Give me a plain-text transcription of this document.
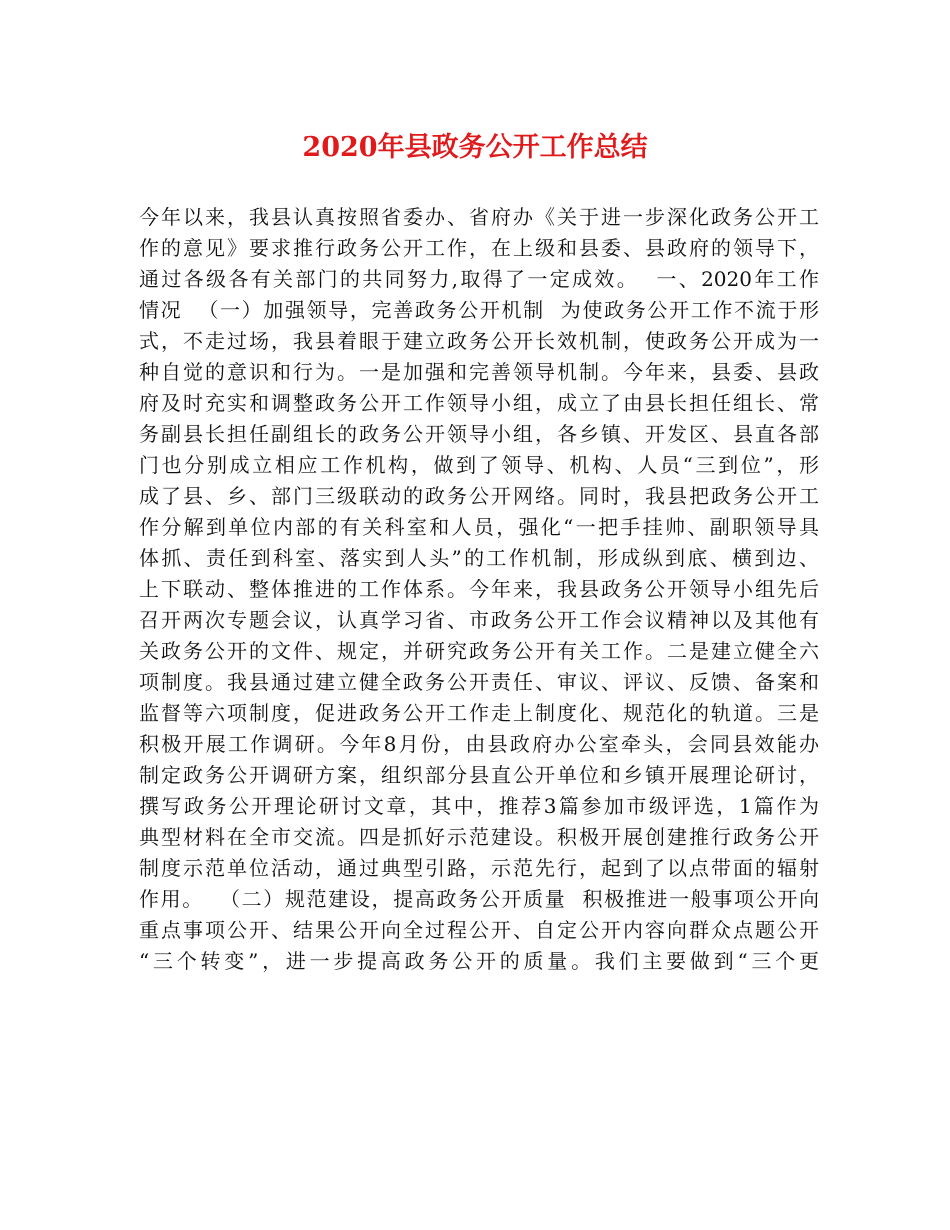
2020年县政务公开工作总结
今年以来，我县认真按照省委办、省府办《关于进一步深化政务公开工
作的意见》要求推行政务公开工作，在上级和县委、县政府的领导下，
通过各级各有关部门的共同努力,取得了一定成效。  一、2020年工作
情况  （一）加强领导，完善政务公开机制  为使政务公开工作不流于形
式，不走过场，我县着眼于建立政务公开长效机制，使政务公开成为一
种自觉的意识和行为。一是加强和完善领导机制。今年来，县委、县政
府及时充实和调整政务公开工作领导小组，成立了由县长担任组长、常
务副县长担任副组长的政务公开领导小组，各乡镇、开发区、县直各部
门也分别成立相应工作机构，做到了领导、机构、人员“三到位”，形
成了县、乡、部门三级联动的政务公开网络。同时，我县把政务公开工
作分解到单位内部的有关科室和人员，强化“一把手挂帅、副职领导具
体抓、责任到科室、落实到人头”的工作机制，形成纵到底、横到边、
上下联动、整体推进的工作体系。今年来，我县政务公开领导小组先后
召开两次专题会议，认真学习省、市政务公开工作会议精神以及其他有
关政务公开的文件、规定，并研究政务公开有关工作。二是建立健全六
项制度。我县通过建立健全政务公开责任、审议、评议、反馈、备案和
监督等六项制度，促进政务公开工作走上制度化、规范化的轨道。三是
积极开展工作调研。今年8月份，由县政府办公室牵头，会同县效能办
制定政务公开调研方案，组织部分县直公开单位和乡镇开展理论研讨，
撰写政务公开理论研讨文章，其中，推荐3篇参加市级评选，1篇作为
典型材料在全市交流。四是抓好示范建设。积极开展创建推行政务公开
制度示范单位活动，通过典型引路，示范先行，起到了以点带面的辐射
作用。  （二）规范建设，提高政务公开质量  积极推进一般事项公开向
重点事项公开、结果公开向全过程公开、自定公开内容向群众点题公开
“三个转变”，进一步提高政务公开的质量。我们主要做到“三个更
